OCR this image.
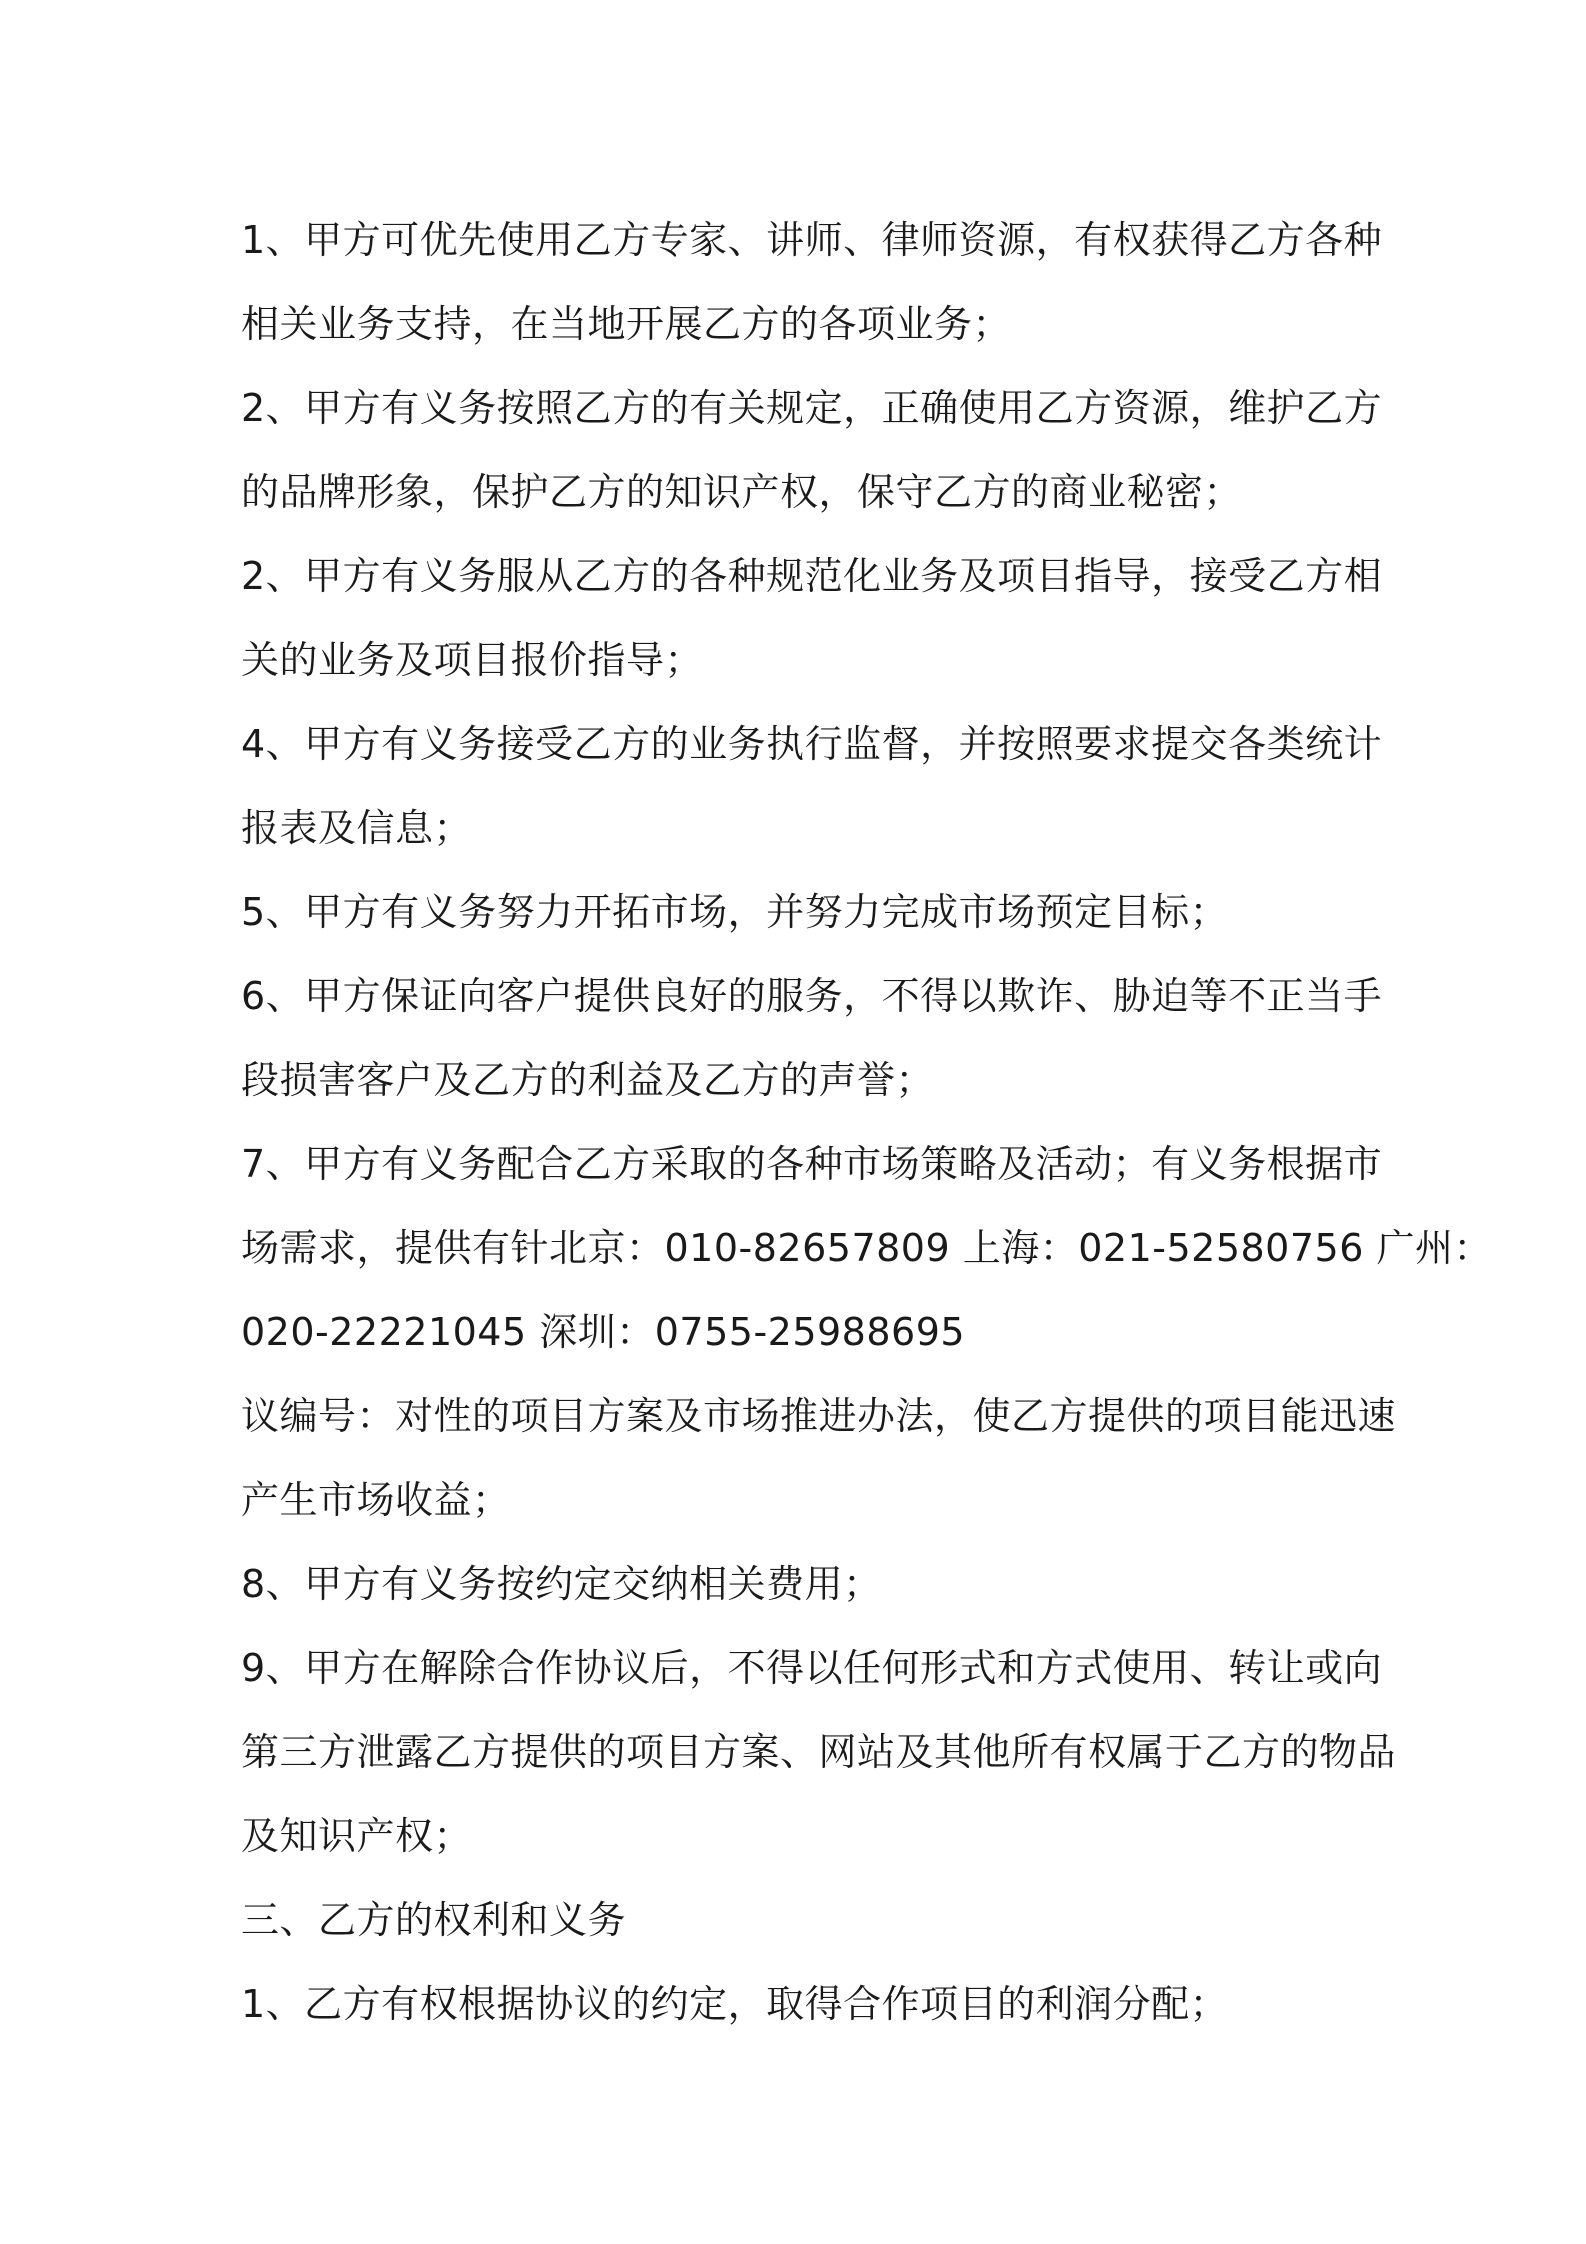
1、甲方可优先使用乙方专家、讲师、律师资源，有权获得乙方各种
相关业务支持，在当地开展乙方的各项业务；
2、甲方有义务按照乙方的有关规定，正确使用乙方资源，维护乙方
的品牌形象，保护乙方的知识产权，保守乙方的商业秘密；
2、甲方有义务服从乙方的各种规范化业务及项目指导，接受乙方相
关的业务及项目报价指导；
4、甲方有义务接受乙方的业务执行监督，并按照要求提交各类统计
报表及信息；
5、甲方有义务努力开拓市场，并努力完成市场预定目标；
6、甲方保证向客户提供良好的服务，不得以欺诈、胁迫等不正当手
段损害客户及乙方的利益及乙方的声誉；
7、甲方有义务配合乙方采取的各种市场策略及活动；有义务根据市
场需求，提供有针北京：010-82657809 上海：021-52580756 广州：
020-22221045 深圳：0755-25988695
议编号：对性的项目方案及市场推进办法，使乙方提供的项目能迅速
产生市场收益；
8、甲方有义务按约定交纳相关费用；
9、甲方在解除合作协议后，不得以任何形式和方式使用、转让或向
第三方泄露乙方提供的项目方案、网站及其他所有权属于乙方的物品
及知识产权；
三、乙方的权利和义务
1、乙方有权根据协议的约定，取得合作项目的利润分配；
